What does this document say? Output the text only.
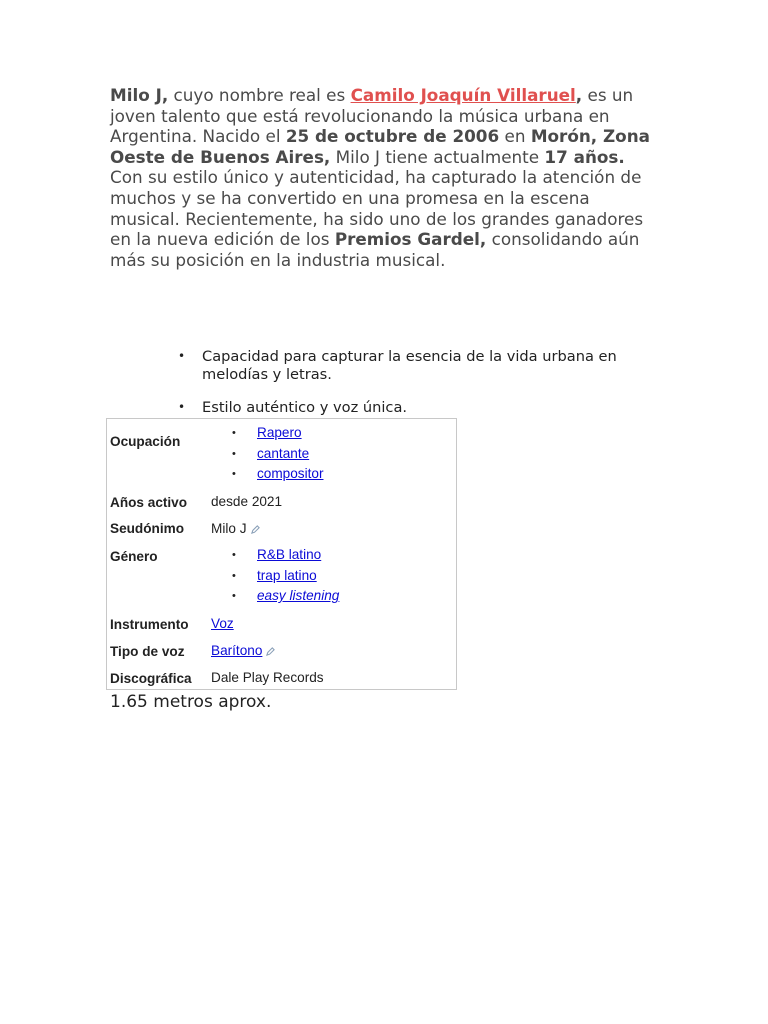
Milo J, cuyo nombre real es Camilo Joaquín Villaruel, es un joven talento que está revolucionando la música urbana en Argentina. Nacido el 25 de octubre de 2006 en Morón, Zona Oeste de Buenos Aires, Milo J tiene actualmente 17 años. Con su estilo único y autenticidad, ha capturado la atención de muchos y se ha convertido en una promesa en la escena musical. Recientemente, ha sido uno de los grandes ganadores en la nueva edición de los Premios Gardel, consolidando aún más su posición en la industria musical.

• Capacidad para capturar la esencia de la vida urbana en melodías y letras.
• Estilo auténtico y voz única.
Ocupación
• Rapero
• cantante
• compositor
Años activo desde 2021
Seudónimo Milo J
Género	• R&B latino
• trap latino
• easy listening
Instrumento Voz
Tipo de voz Barítono
Discográfica Dale Play Records
1.65 metros aprox.
